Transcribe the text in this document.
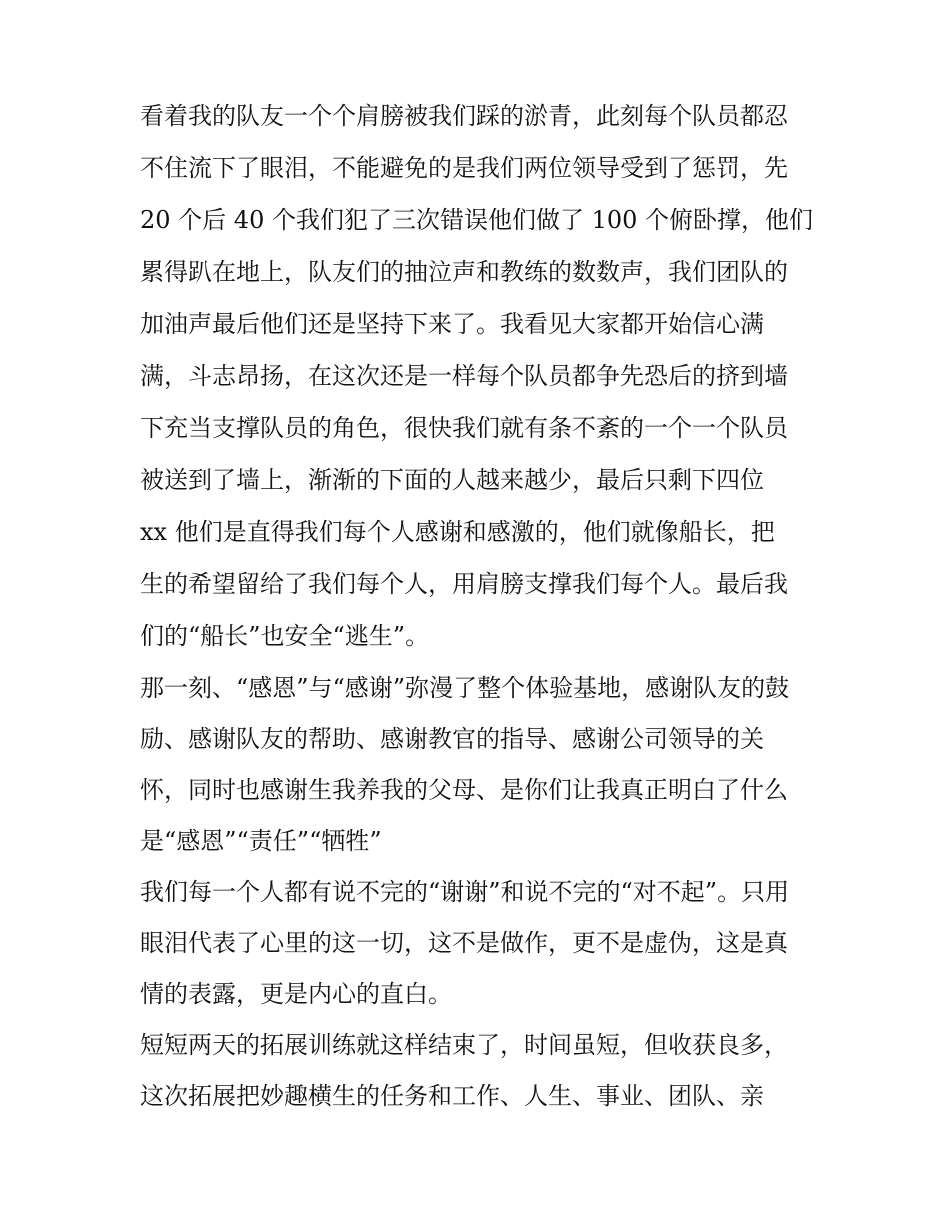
看着我的队友一个个肩膀被我们踩的淤青，此刻每个队员都忍
不住流下了眼泪，不能避免的是我们两位领导受到了惩罚，先
20 个后 40 个我们犯了三次错误他们做了 100 个俯卧撑，他们
累得趴在地上，队友们的抽泣声和教练的数数声，我们团队的
加油声最后他们还是坚持下来了。我看见大家都开始信心满
满，斗志昂扬，在这次还是一样每个队员都争先恐后的挤到墙
下充当支撑队员的角色，很快我们就有条不紊的一个一个队员
被送到了墙上，渐渐的下面的人越来越少，最后只剩下四位
xx 他们是直得我们每个人感谢和感激的，他们就像船长，把
生的希望留给了我们每个人，用肩膀支撑我们每个人。最后我
们的“船长”也安全“逃生”。
那一刻、“感恩”与“感谢”弥漫了整个体验基地，感谢队友的鼓
励、感谢队友的帮助、感谢教官的指导、感谢公司领导的关
怀，同时也感谢生我养我的父母、是你们让我真正明白了什么
是“感恩”“责任”“牺牲”
我们每一个人都有说不完的“谢谢”和说不完的“对不起”。只用
眼泪代表了心里的这一切，这不是做作，更不是虚伪，这是真
情的表露，更是内心的直白。
短短两天的拓展训练就这样结束了，时间虽短，但收获良多，
这次拓展把妙趣横生的任务和工作、人生、事业、团队、亲
